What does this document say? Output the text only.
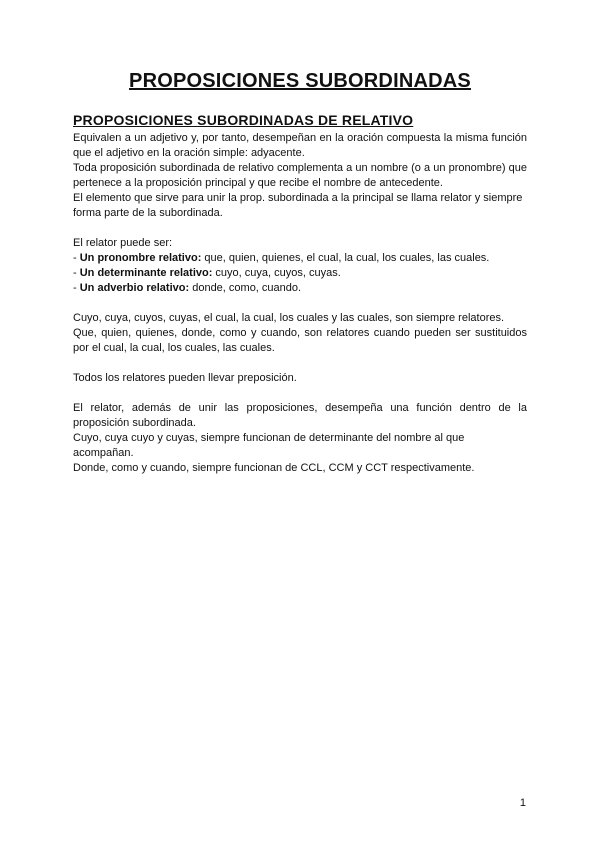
PROPOSICIONES SUBORDINADAS
PROPOSICIONES SUBORDINADAS DE RELATIVO

Equivalen a un adjetivo y, por tanto, desempeñan en la oración compuesta la misma función que el adjetivo en la oración simple: adyacente.

Toda proposición subordinada de relativo complementa a un nombre (o a un pronombre) que pertenece a la proposición principal y que recibe el nombre de antecedente.

El elemento que sirve para unir la prop. subordinada a la principal se llama relator y siempre forma parte de la subordinada.

El relator puede ser:

- Un pronombre relativo: que, quien, quienes, el cual, la cual, los cuales, las cuales.

- Un determinante relativo: cuyo, cuya, cuyos, cuyas.

- Un adverbio relativo: donde, como, cuando.

Cuyo, cuya, cuyos, cuyas, el cual, la cual, los cuales y las cuales, son siempre relatores.

Que, quien, quienes, donde, como y cuando, son relatores cuando pueden ser sustituidos por el cual, la cual, los cuales, las cuales.

Todos los relatores pueden llevar preposición.

El relator, además de unir las proposiciones, desempeña una función dentro de la proposición subordinada.

Cuyo, cuya cuyo y cuyas, siempre funcionan de determinante del nombre al que acompañan.

Donde, como y cuando, siempre funcionan de CCL, CCM y CCT respectivamente.

1
